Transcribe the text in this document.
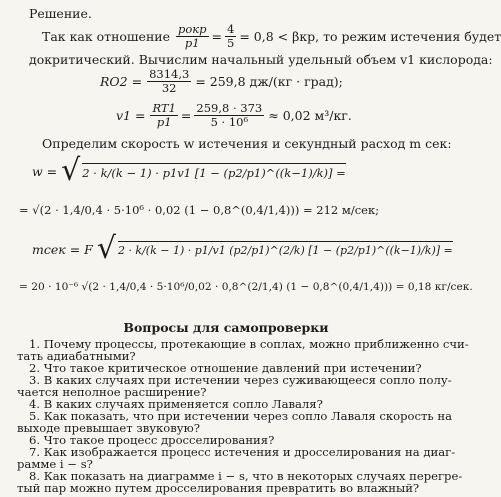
Решение.
Так как отношение $\frac{\text{pокр}}{p1} = \frac{4}{5} = 0,8 < \beta кр$, то режим истечения будет
докритический. Вычислим начальный удельный объем v1 кислорода:
$RO2 = \frac{8314,3}{32} = 259,8$ дж/(кг · град);
$v1 = \frac{RT1}{p1} = \frac{259,8 \cdot 373}{\text{5 · 10⁶}} \approx 0,02$ м³/кг.
Определим скорость w истечения и секундный расход m сек:
w = √ 2 · k/(k − 1) · p1v1 [1 − (p2/p1)^((k−1)/k)] =
= √(2 · 1,4/0,4 · 5·10⁶ · 0,02 (1 − 0,8^(0,4/1,4))) = 212 м/сек;
mсек = F √ 2 · k/(k − 1) · p1/v1 (p2/p1)^(2/k) [1 − (p2/p1)^((k−1)/k)] =
= 20 · 10⁻⁶ √(2 · 1,4/0,4 · 5·10⁶/0,02 · 0,8^(2/1,4) (1 − 0,8^(0,4/1,4))) = 0,18 кг/сек.
Вопросы для самопроверки
1. Почему процессы, протекающие в соплах, можно приближенно счи-
тать адиабатными?
2. Что такое критическое отношение давлений при истечении?
3. В каких случаях при истечении через суживающееся сопло полу-
чается неполное расширение?
4. В каких случаях применяется сопло Лаваля?
5. Как показать, что при истечении через сопло Лаваля скорость на
выходе превышает звуковую?
6. Что такое процесс дросселирования?
7. Как изображается процесс истечения и дросселирования на диаг-
рамме i − s?
8. Как показать на диаграмме i − s, что в некоторых случаях перегре-
тый пар можно путем дросселирования превратить во влажный?
